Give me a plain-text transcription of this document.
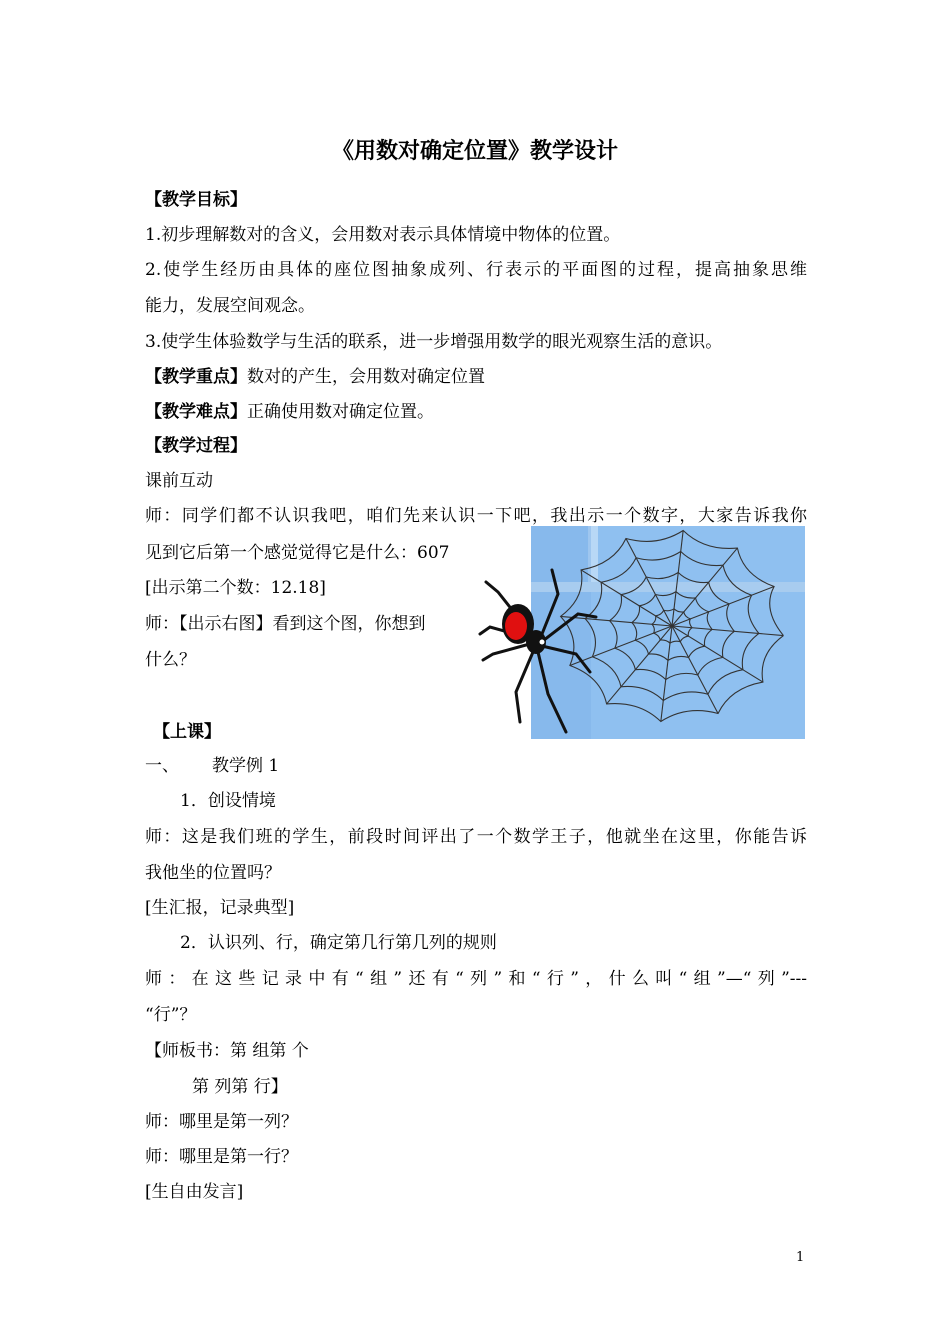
《用数对确定位置》教学设计
【教学目标】
1.初步理解数对的含义，会用数对表示具体情境中物体的位置。
2.使学生经历由具体的座位图抽象成列、行表示的平面图的过程，提高抽象思维
能力，发展空间观念。
3.使学生体验数学与生活的联系，进一步增强用数学的眼光观察生活的意识。
【教学重点】数对的产生，会用数对确定位置
【教学难点】正确使用数对确定位置。
【教学过程】
课前互动
师：同学们都不认识我吧，咱们先来认识一下吧，我出示一个数字，大家告诉我你
见到它后第一个感觉觉得它是什么：607
[出示第二个数：12.18]
师：【出示右图】看到这个图，你想到
什么？
【上课】
一、 教学例 1
1．创设情境
师：这是我们班的学生，前段时间评出了一个数学王子，他就坐在这里，你能告诉
我他坐的位置吗？
[生汇报，记录典型]
2．认识列、行，确定第几行第几列的规则
师：在这些记录中有“组”还有“列”和“行”，什么叫“组”—“列”---
“行”？
【师板书：第 组第 个
第 列第 行】
师：哪里是第一列？
师：哪里是第一行？
[生自由发言]
1
